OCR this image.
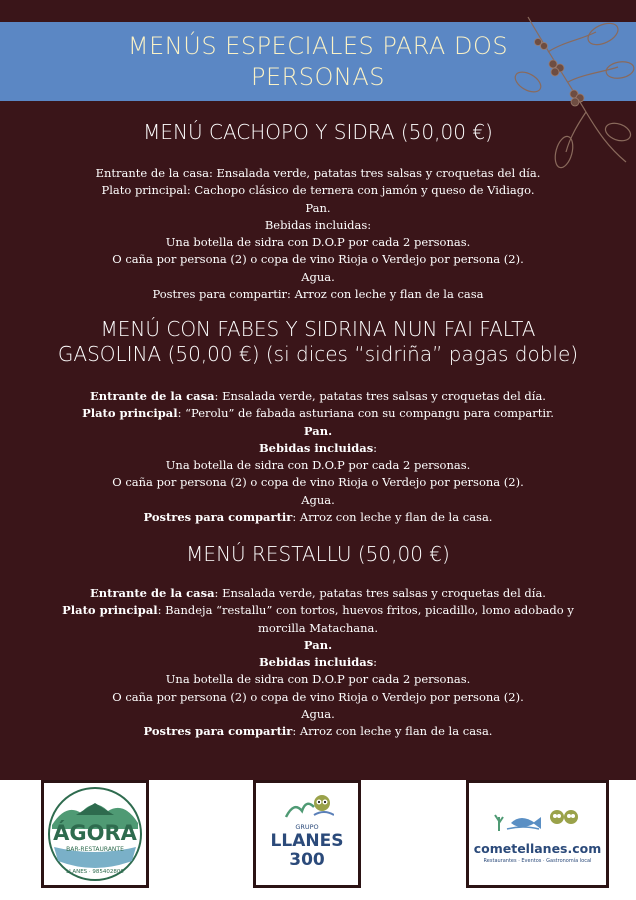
MENÚS ESPECIALES PARA DOS
PERSONAS
MENÚ CACHOPO Y SIDRA (50,00 €)

Entrante de la casa: Ensalada verde, patatas tres salsas y croquetas del día.

Plato principal: Cachopo clásico de ternera con jamón y queso de Vidiago.

Pan.

Bebidas incluidas:

Una botella de sidra con D.O.P por cada 2 personas.

O caña por persona (2) o copa de vino Rioja o Verdejo por persona (2).

Agua.

Postres para compartir: Arroz con leche y flan de la casa

MENÚ CON FABES Y SIDRINA NUN FAI FALTA
GASOLINA (50,00 €) (si dices “sidriña” pagas doble)

Entrante de la casa: Ensalada verde, patatas tres salsas y croquetas del día.

Plato principal: “Perolu” de fabada asturiana con su compangu para compartir.

Pan.

Bebidas incluidas:

Una botella de sidra con D.O.P por cada 2 personas.

O caña por persona (2) o copa de vino Rioja o Verdejo por persona (2).

Agua.

Postres para compartir: Arroz con leche y flan de la casa.

MENÚ RESTALLU (50,00 €)

Entrante de la casa: Ensalada verde, patatas tres salsas y croquetas del día.

Plato principal: Bandeja “restallu” con tortos, huevos fritos, picadillo, lomo adobado y

morcilla Matachana.

Pan.

Bebidas incluidas:

Una botella de sidra con D.O.P por cada 2 personas.

O caña por persona (2) o copa de vino Rioja o Verdejo por persona (2).

Agua.

Postres para compartir: Arroz con leche y flan de la casa.

ÁGORA
BAR-RESTAURANTE
LLANES · 985402800
GRUPO
LLANES
300
cometellanes.com
Restaurantes · Eventos · Gastronomía local
